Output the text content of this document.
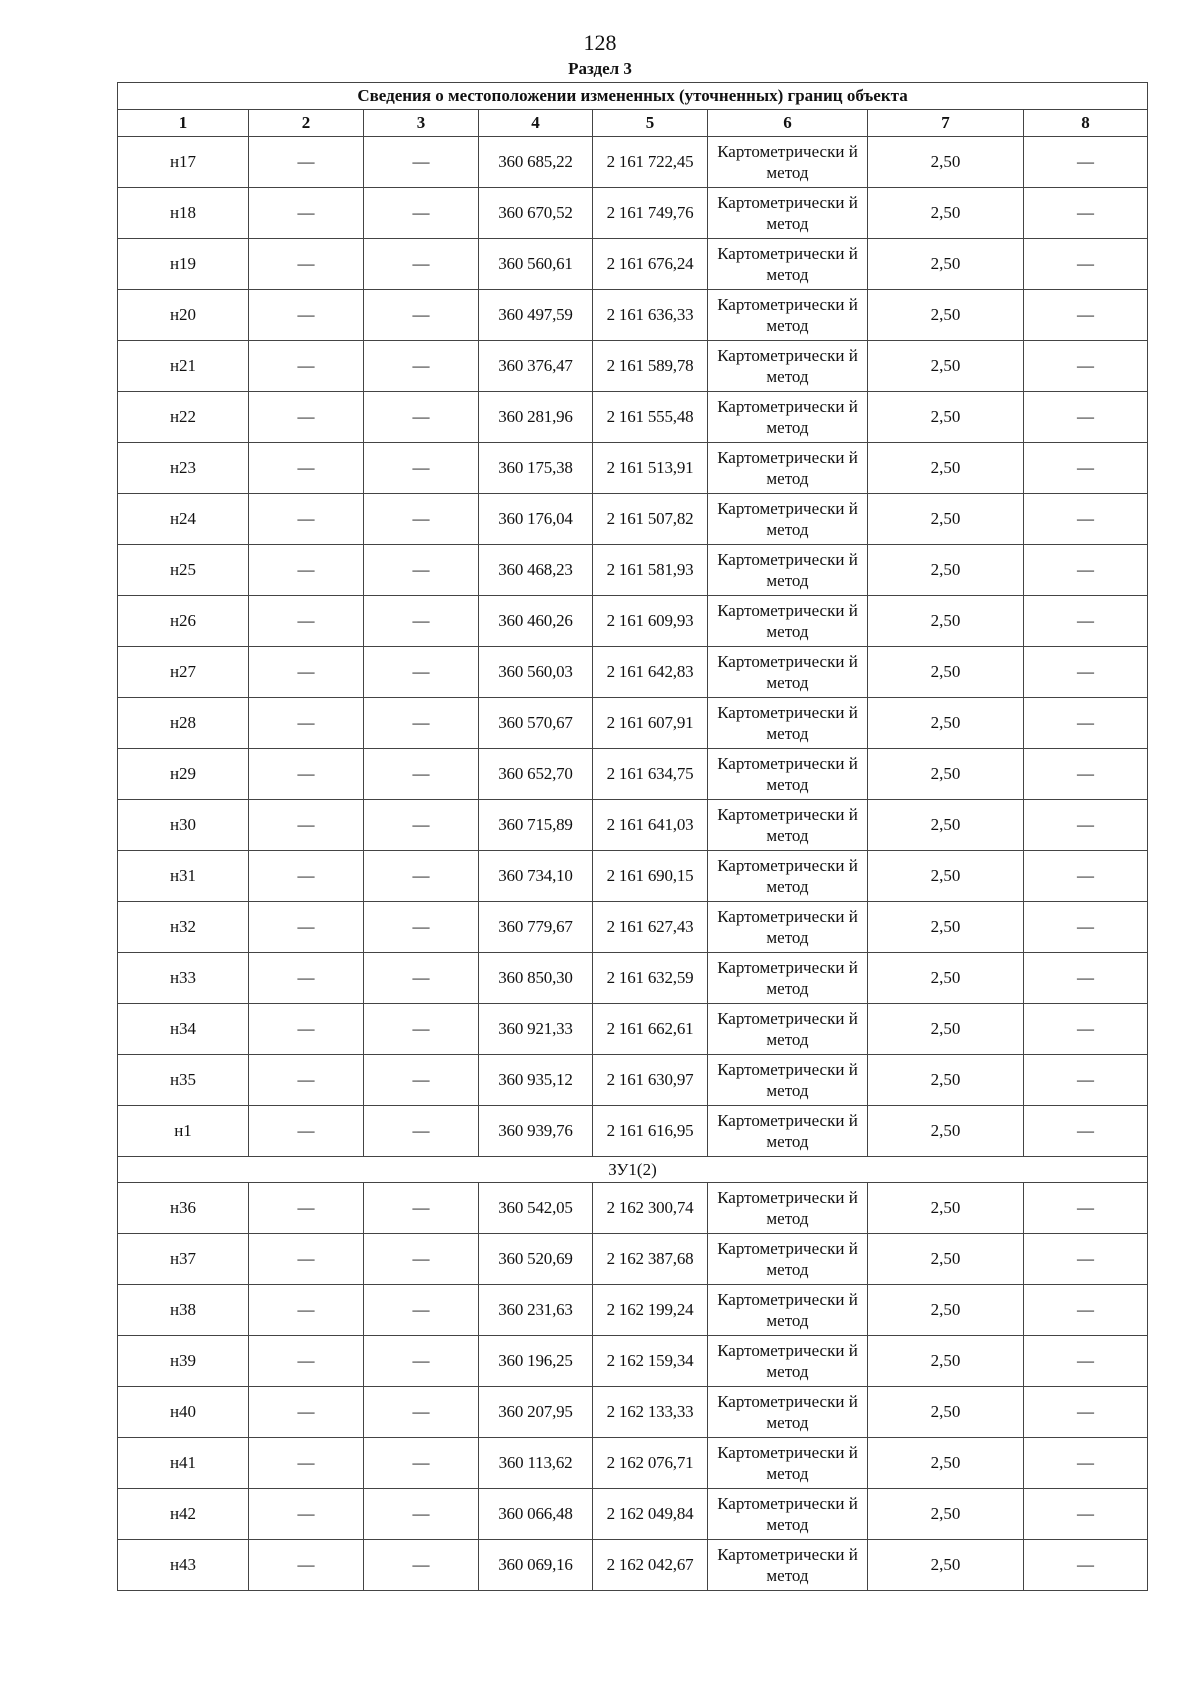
128
Раздел 3
Сведения о местоположении измененных (уточненных) границ объекта							
1	2	3	4	5	6	7	8
н17	—	—	360 685,22	2 161 722,45	Картометрически й метод	2,50	—
н18	—	—	360 670,52	2 161 749,76	Картометрически й метод	2,50	—
н19	—	—	360 560,61	2 161 676,24	Картометрически й метод	2,50	—
н20	—	—	360 497,59	2 161 636,33	Картометрически й метод	2,50	—
н21	—	—	360 376,47	2 161 589,78	Картометрически й метод	2,50	—
н22	—	—	360 281,96	2 161 555,48	Картометрически й метод	2,50	—
н23	—	—	360 175,38	2 161 513,91	Картометрически й метод	2,50	—
н24	—	—	360 176,04	2 161 507,82	Картометрически й метод	2,50	—
н25	—	—	360 468,23	2 161 581,93	Картометрически й метод	2,50	—
н26	—	—	360 460,26	2 161 609,93	Картометрически й метод	2,50	—
н27	—	—	360 560,03	2 161 642,83	Картометрически й метод	2,50	—
н28	—	—	360 570,67	2 161 607,91	Картометрически й метод	2,50	—
н29	—	—	360 652,70	2 161 634,75	Картометрически й метод	2,50	—
н30	—	—	360 715,89	2 161 641,03	Картометрически й метод	2,50	—
н31	—	—	360 734,10	2 161 690,15	Картометрически й метод	2,50	—
н32	—	—	360 779,67	2 161 627,43	Картометрически й метод	2,50	—
н33	—	—	360 850,30	2 161 632,59	Картометрически й метод	2,50	—
н34	—	—	360 921,33	2 161 662,61	Картометрически й метод	2,50	—
н35	—	—	360 935,12	2 161 630,97	Картометрически й метод	2,50	—
н1	—	—	360 939,76	2 161 616,95	Картометрически й метод	2,50	—
ЗУ1(2)							
н36	—	—	360 542,05	2 162 300,74	Картометрически й метод	2,50	—
н37	—	—	360 520,69	2 162 387,68	Картометрически й метод	2,50	—
н38	—	—	360 231,63	2 162 199,24	Картометрически й метод	2,50	—
н39	—	—	360 196,25	2 162 159,34	Картометрически й метод	2,50	—
н40	—	—	360 207,95	2 162 133,33	Картометрически й метод	2,50	—
н41	—	—	360 113,62	2 162 076,71	Картометрически й метод	2,50	—
н42	—	—	360 066,48	2 162 049,84	Картометрически й метод	2,50	—
н43	—	—	360 069,16	2 162 042,67	Картометрически й метод	2,50	—
